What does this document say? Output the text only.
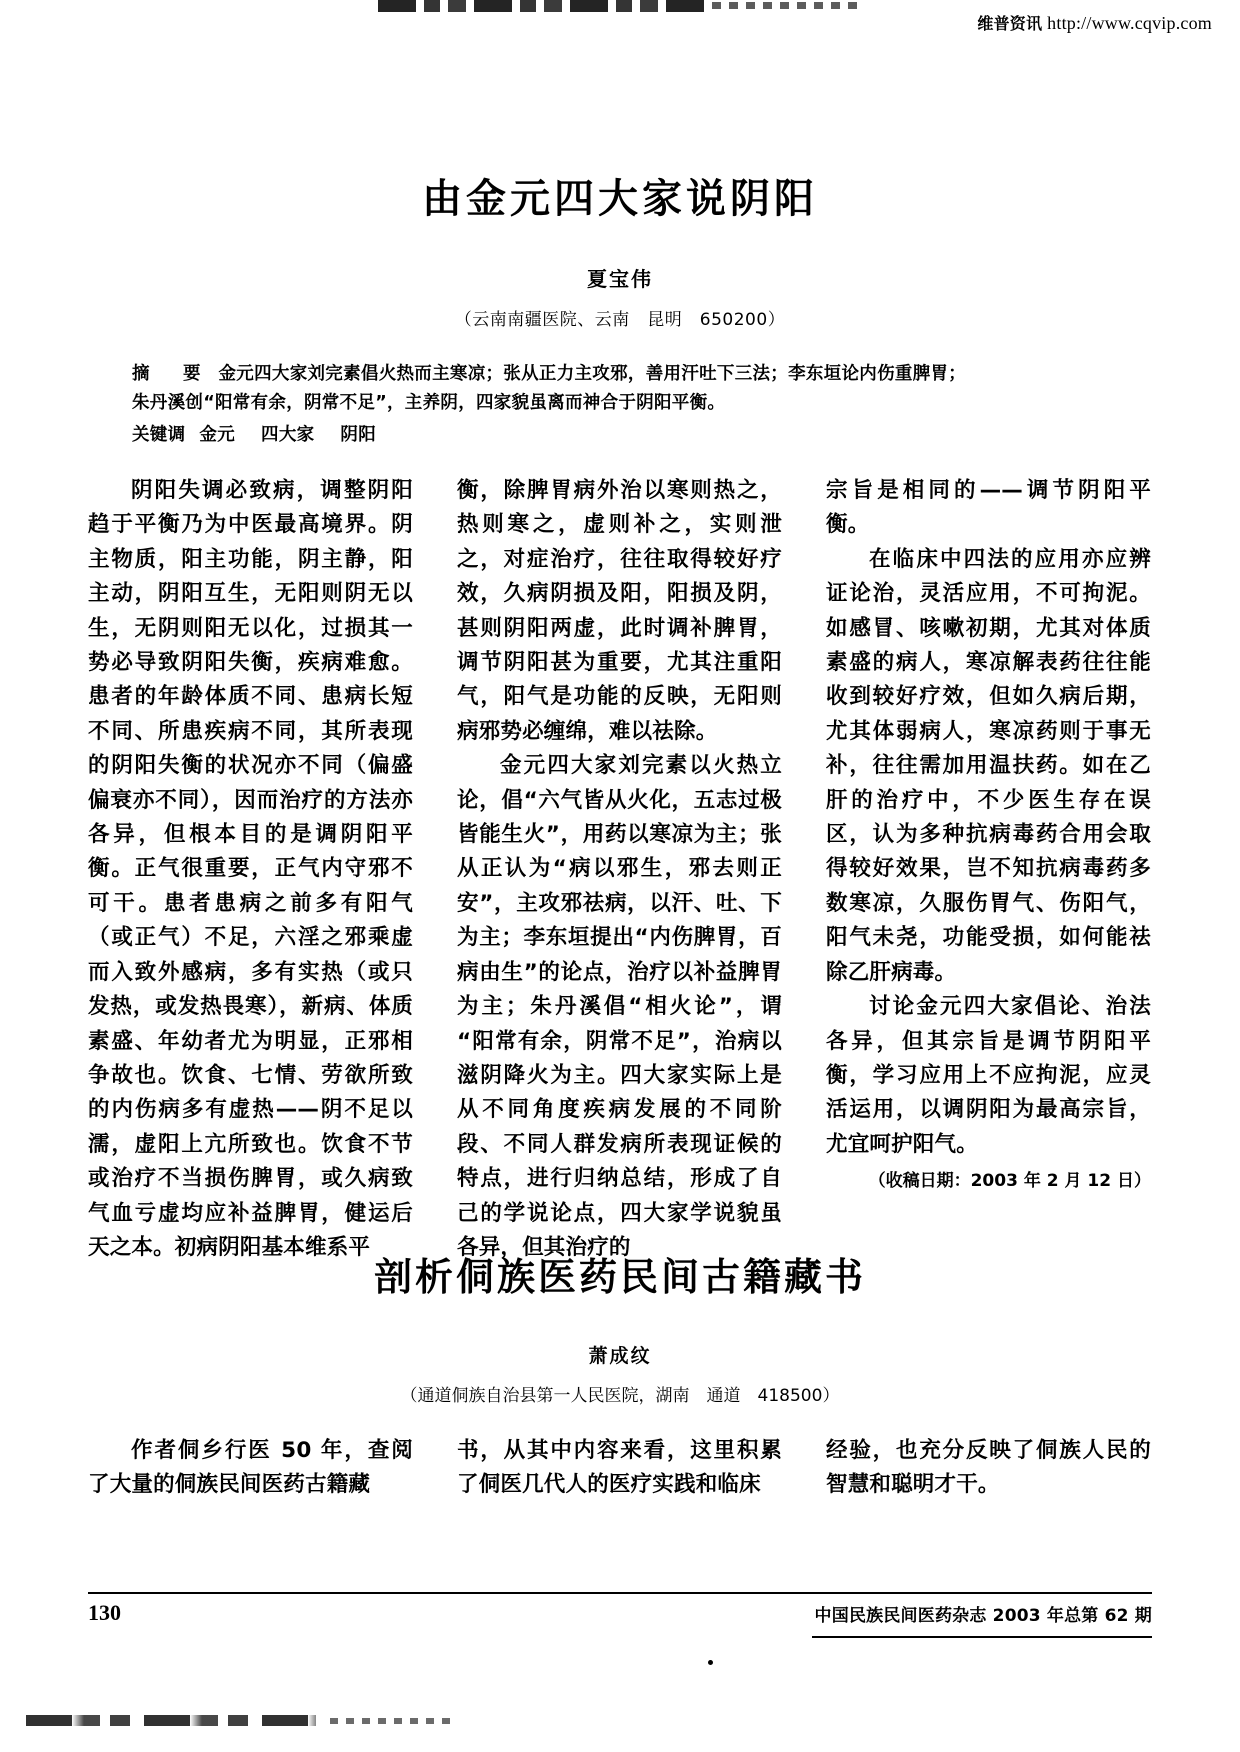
维普资讯 http://www.cqvip.com
由金元四大家说阴阳
夏宝伟
（云南南疆医院、云南　昆明　650200）
摘　要 金元四大家刘完素倡火热而主寒凉；张从正力主攻邪，善用汗吐下三法；李东垣论内伤重脾胃；
朱丹溪创“阳常有余，阴常不足”，主养阴，四家貌虽离而神合于阴阳平衡。
关键调 金元 四大家 阴阳

阴阳失调必致病，调整阴阳趋于平衡乃为中医最高境界。阴主物质，阳主功能，阴主静，阳主动，阴阳互生，无阳则阴无以生，无阴则阳无以化，过损其一势必导致阴阳失衡，疾病难愈。患者的年龄体质不同、患病长短不同、所患疾病不同，其所表现的阴阳失衡的状况亦不同（偏盛偏衰亦不同），因而治疗的方法亦各异，但根本目的是调阴阳平衡。正气很重要，正气内守邪不可干。患者患病之前多有阳气（或正气）不足，六淫之邪乘虚而入致外感病，多有实热（或只发热，或发热畏寒），新病、体质素盛、年幼者尤为明显，正邪相争故也。饮食、七情、劳欲所致的内伤病多有虚热——阴不足以濡，虚阳上亢所致也。饮食不节或治疗不当损伤脾胃，或久病致气血亏虚均应补益脾胃，健运后天之本。初病阴阳基本维系平

衡，除脾胃病外治以寒则热之，热则寒之，虚则补之，实则泄之，对症治疗，往往取得较好疗效，久病阴损及阳，阳损及阴，甚则阴阳两虚，此时调补脾胃，调节阴阳甚为重要，尤其注重阳气，阳气是功能的反映，无阳则病邪势必缠绵，难以祛除。

金元四大家刘完素以火热立论，倡“六气皆从火化，五志过极皆能生火”，用药以寒凉为主；张从正认为“病以邪生，邪去则正安”，主攻邪祛病，以汗、吐、下为主；李东垣提出“内伤脾胃，百病由生”的论点，治疗以补益脾胃为主；朱丹溪倡“相火论”，谓“阳常有余，阴常不足”，治病以滋阴降火为主。四大家实际上是从不同角度疾病发展的不同阶段、不同人群发病所表现证候的特点，进行归纳总结，形成了自己的学说论点，四大家学说貌虽各异，但其治疗的

宗旨是相同的——调节阴阳平衡。

在临床中四法的应用亦应辨证论治，灵活应用，不可拘泥。如感冒、咳嗽初期，尤其对体质素盛的病人，寒凉解表药往往能收到较好疗效，但如久病后期，尤其体弱病人，寒凉药则于事无补，往往需加用温扶药。如在乙肝的治疗中，不少医生存在误区，认为多种抗病毒药合用会取得较好效果，岂不知抗病毒药多数寒凉，久服伤胃气、伤阳气，阳气未尧，功能受损，如何能祛除乙肝病毒。

讨论金元四大家倡论、治法各异，但其宗旨是调节阴阳平衡，学习应用上不应拘泥，应灵活运用，以调阴阳为最高宗旨，尤宜呵护阳气。

（收稿日期：2003 年 2 月 12 日）
剖析侗族医药民间古籍藏书
萧成纹
（通道侗族自治县第一人民医院，湖南　通道　418500）

作者侗乡行医 50 年，查阅了大量的侗族民间医药古籍藏

书，从其中内容来看，这里积累了侗医几代人的医疗实践和临床

经验，也充分反映了侗族人民的智慧和聪明才干。

130	中国民族民间医药杂志 2003 年总第 62 期
